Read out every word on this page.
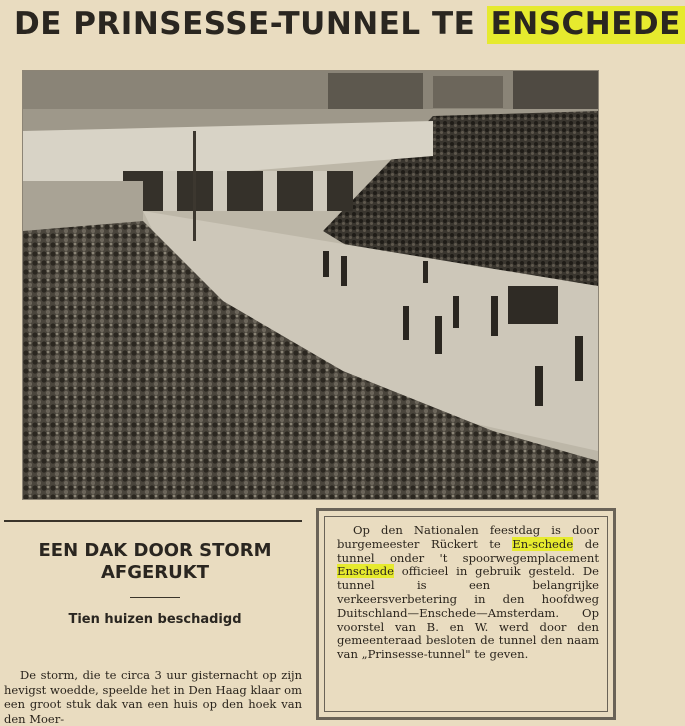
DE PRINSESSE-TUNNEL TE ENSCHEDE
EEN DAK DOOR STORM AFGERUKT
Tien huizen beschadigd
De storm, die te circa 3 uur gisternacht op zijn hevigst woedde, speelde het in Den Haag klaar om een groot stuk dak van een huis op den hoek van den Moer-
Op den Nationalen feestdag is door burgemeester Rückert te En-schede de tunnel onder 't spoorwegemplacement Enschede officieel in gebruik gesteld. De tunnel is een belangrijke verkeersverbetering in den hoofdweg Duitschland—Enschede—Amsterdam. Op voorstel van B. en W. werd door den gemeenteraad besloten de tunnel den naam van „Prinsesse-tunnel" te geven.
